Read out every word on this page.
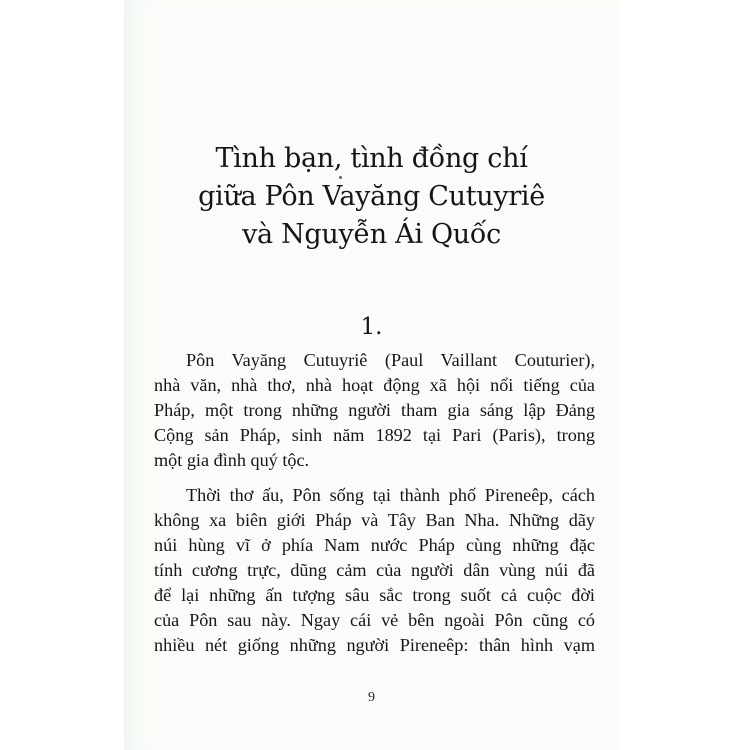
Tình bạn, tình đồng chí
giữa Pôn Vayăng Cutuyriê
và Nguyễn Ái Quốc
1.
Pôn Vayăng Cutuyriê (Paul Vaillant Couturier),
nhà văn, nhà thơ, nhà hoạt động xã hội nổi tiếng của
Pháp, một trong những người tham gia sáng lập Đảng
Cộng sản Pháp, sinh năm 1892 tại Pari (Paris), trong
một gia đình quý tộc.
Thời thơ ấu, Pôn sống tại thành phố Pireneêp, cách
không xa biên giới Pháp và Tây Ban Nha. Những dãy
núi hùng vĩ ở phía Nam nước Pháp cùng những đặc
tính cương trực, dũng cảm của người dân vùng núi đã
để lại những ấn tượng sâu sắc trong suốt cả cuộc đời
của Pôn sau này. Ngay cái vẻ bên ngoài Pôn cũng có
nhiều nét giống những người Pireneêp: thân hình vạm
9
